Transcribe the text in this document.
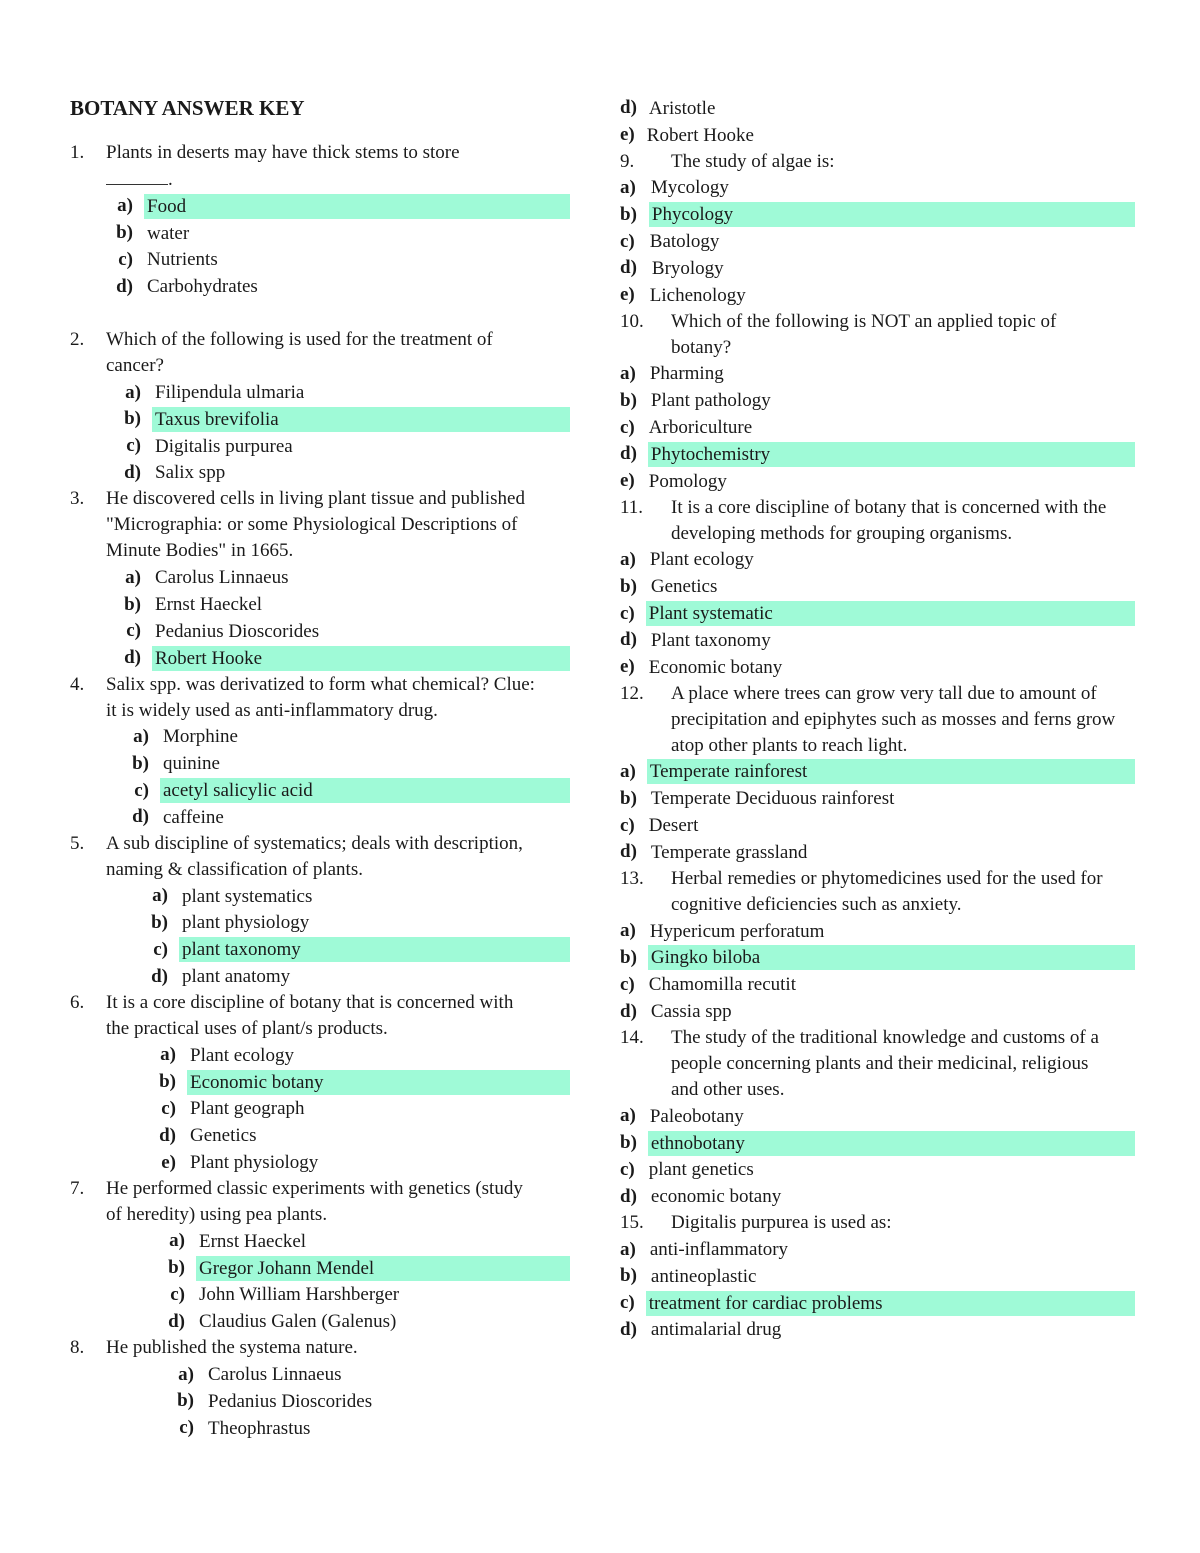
BOTANY ANSWER KEY
1.	Plants in deserts may have thick stems to store
.
a) Food
b) water
c) Nutrients
d) Carbohydrates
2.	Which of the following is used for the treatment of cancer?
a) Filipendula ulmaria
b) Taxus brevifolia
c) Digitalis purpurea
d) Salix spp
3.	He discovered cells in living plant tissue and published "Micrographia: or some Physiological Descriptions of Minute Bodies" in 1665.
a) Carolus Linnaeus
b) Ernst Haeckel
c) Pedanius Dioscorides
d) Robert Hooke
4.	Salix spp. was derivatized to form what chemical? Clue: it is widely used as anti-inflammatory drug.
a) Morphine
b) quinine
c) acetyl salicylic acid
d) caffeine
5.	A sub discipline of systematics; deals with description, naming & classification of plants.
a) plant systematics
b) plant physiology
c) plant taxonomy
d) plant anatomy
6.	It is a core discipline of botany that is concerned with the practical uses of plant/s products.
a) Plant ecology
b) Economic botany
c) Plant geograph
d) Genetics
e) Plant physiology
7.	He performed classic experiments with genetics (study of heredity) using pea plants.
a) Ernst Haeckel
b) Gregor Johann Mendel
c) John William Harshberger
d) Claudius Galen (Galenus)
8.	He published the systema nature.
a) Carolus Linnaeus
b) Pedanius Dioscorides
c) Theophrastus
d) Aristotle
e) Robert Hooke
9.	The study of algae is:
a) Mycology
b) Phycology
c) Batology
d) Bryology
e) Lichenology
10.	Which of the following is NOT an applied topic of botany?
a) Pharming
b) Plant pathology
c) Arboriculture
d) Phytochemistry
e) Pomology
11.	It is a core discipline of botany that is concerned with the developing methods for grouping organisms.
a) Plant ecology
b) Genetics
c) Plant systematic
d) Plant taxonomy
e) Economic botany
12.	A place where trees can grow very tall due to amount of precipitation and epiphytes such as mosses and ferns grow atop other plants to reach light.
a) Temperate rainforest
b) Temperate Deciduous rainforest
c) Desert
d) Temperate grassland
13.	Herbal remedies or phytomedicines used for the used for cognitive deficiencies such as anxiety.
a) Hypericum perforatum
b) Gingko biloba
c) Chamomilla recutit
d) Cassia spp
14.	The study of the traditional knowledge and customs of a people concerning plants and their medicinal, religious and other uses.
a) Paleobotany
b) ethnobotany
c) plant genetics
d) economic botany
15.	Digitalis purpurea is used as:
a) anti-inflammatory
b) antineoplastic
c) treatment for cardiac problems
d) antimalarial drug
